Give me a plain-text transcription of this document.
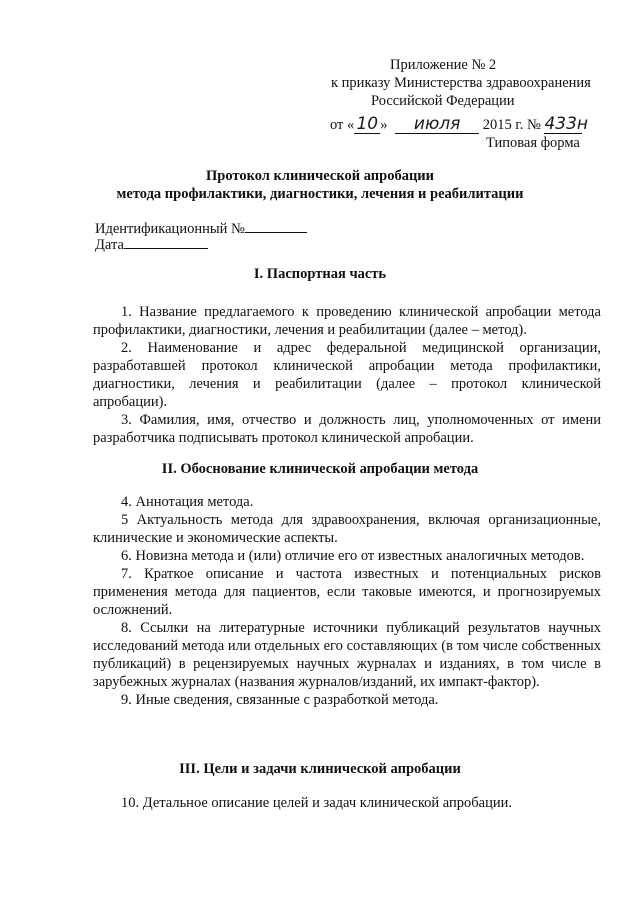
Приложение № 2
к приказу Министерства здравоохранения
Российской Федерации
от « 10 » июля 2015 г. № 433н
Типовая форма
Протокол клинической апробации
метода профилактики, диагностики, лечения и реабилитации
Идентификационный №
Дата
I. Паспортная часть
1. Название предлагаемого к проведению клинической апробации метода профилактики, диагностики, лечения и реабилитации (далее – метод).
2. Наименование и адрес федеральной медицинской организации, разработавшей протокол клинической апробации метода профилактики, диагностики, лечения и реабилитации (далее – протокол клинической апробации).
3. Фамилия, имя, отчество и должность лиц, уполномоченных от имени разработчика подписывать протокол клинической апробации.
II. Обоснование клинической апробации метода
4. Аннотация метода.
5 Актуальность метода для здравоохранения, включая организационные, клинические и экономические аспекты.
6. Новизна метода и (или) отличие его от известных аналогичных методов.
7. Краткое описание и частота известных и потенциальных рисков применения метода для пациентов, если таковые имеются, и прогнозируемых осложнений.
8. Ссылки на литературные источники публикаций результатов научных исследований метода или отдельных его составляющих (в том числе собственных публикаций) в рецензируемых научных журналах и изданиях, в том числе в зарубежных журналах (названия журналов/изданий, их импакт-фактор).
9. Иные сведения, связанные с разработкой метода.
III. Цели и задачи клинической апробации
10. Детальное описание целей и задач клинической апробации.
